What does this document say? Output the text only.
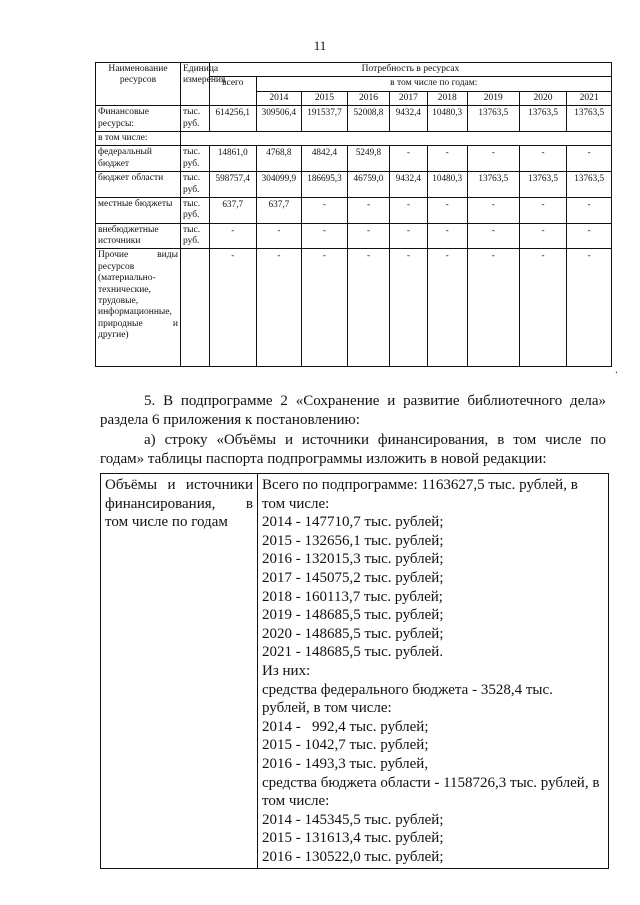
11
Наименование ресурсов	Единица измерения	Потребность в ресурсах								
		всего	в том числе по годам:							
			2014	2015	2016	2017	2018	2019	2020	2021
Финансовые ресурсы:	тыс. руб.	614256,1	309506,4	191537,7	52008,8	9432,4	10480,3	13763,5	13763,5	13763,5
в том числе:										
федеральный бюджет	тыс. руб.	14861,0	4768,8	4842,4	5249,8	-	-	-	-	-
бюджет области	тыс. руб.	598757,4	304099,9	186695,3	46759,0	9432,4	10480,3	13763,5	13763,5	13763,5
местные бюджеты	тыс. руб.	637,7	637,7	-	-	-	-	-	-	-
внебюджетные источники	тыс. руб.	-	-	-	-	-	-	-	-	-
Прочие виды ресурсов (материально-технические, трудовые, информационные, природные и другие)		-	-	-	-	-	-	-	-	-
.
5. В подпрограмме 2 «Сохранение и развитие библиотечного дела» раздела 6 приложения к постановлению:
а) строку «Объёмы и источники финансирования, в том числе по годам» таблицы паспорта подпрограммы изложить в новой редакции:
Объёмы и источники финансирования, в том числе по годам	
Всего по подпрограмме: 1163627,5 тыс. рублей, в том числе:
2014 - 147710,7 тыс. рублей;
2015 - 132656,1 тыс. рублей;
2016 - 132015,3 тыс. рублей;
2017 - 145075,2 тыс. рублей;
2018 - 160113,7 тыс. рублей;
2019 - 148685,5 тыс. рублей;
2020 - 148685,5 тыс. рублей;
2021 - 148685,5 тыс. рублей.
Из них:
средства федерального бюджета - 3528,4 тыс. рублей, в том числе:
2014 -   992,4 тыс. рублей;
2015 - 1042,7 тыс. рублей;
2016 - 1493,3 тыс. рублей,
средства бюджета области - 1158726,3 тыс. рублей, в том числе:
2014 - 145345,5 тыс. рублей;
2015 - 131613,4 тыс. рублей;
2016 - 130522,0 тыс. рублей;
